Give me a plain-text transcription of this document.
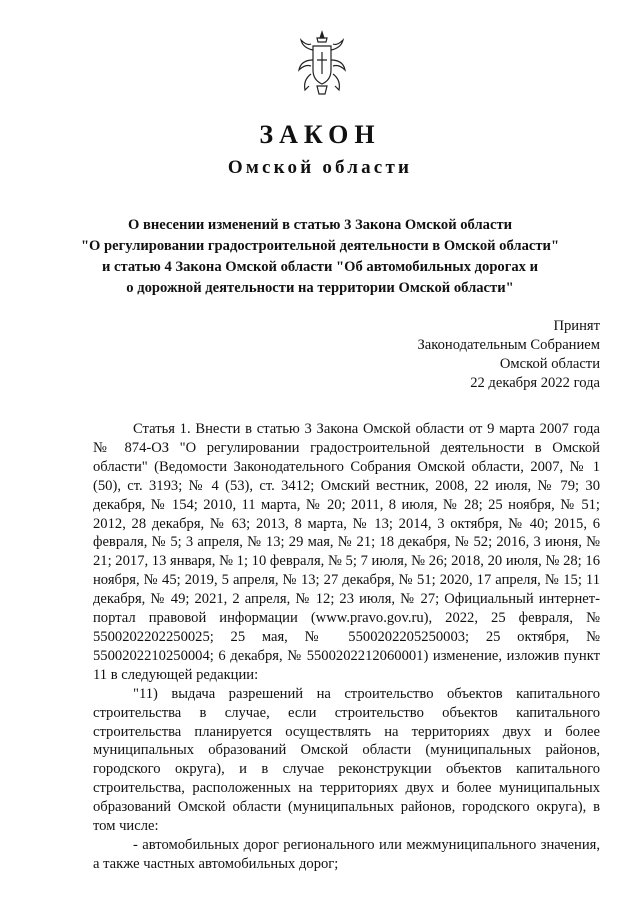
ЗАКОН
Омской области
О внесении изменений в статью 3 Закона Омской области
"О регулировании градостроительной деятельности в Омской области"
и статью 4 Закона Омской области "Об автомобильных дорогах и
о дорожной деятельности на территории Омской области"
Принят
Законодательным Собранием
Омской области
22 декабря 2022 года

Статья 1. Внести в статью 3 Закона Омской области от 9 марта 2007 года № 874-ОЗ "О регулировании градостроительной деятельности в Омской области" (Ведомости Законодательного Собрания Омской области, 2007, № 1 (50), ст. 3193; № 4 (53), ст. 3412; Омский вестник, 2008, 22 июля, № 79; 30 декабря, № 154; 2010, 11 марта, № 20; 2011, 8 июля, № 28; 25 ноября, № 51; 2012, 28 декабря, № 63; 2013, 8 марта, № 13; 2014, 3 октября, № 40; 2015, 6 февраля, № 5; 3 апреля, № 13; 29 мая, № 21; 18 декабря, № 52; 2016, 3 июня, № 21; 2017, 13 января, № 1; 10 февраля, № 5; 7 июля, № 26; 2018, 20 июля, № 28; 16 ноября, № 45; 2019, 5 апреля, № 13; 27 декабря, № 51; 2020, 17 апреля, № 15; 11 декабря, № 49; 2021, 2 апреля, № 12; 23 июля, № 27; Официальный интернет-портал правовой информации (www.pravo.gov.ru), 2022, 25 февраля, № 5500202202250025; 25 мая, № 5500202205250003; 25 октября, № 5500202210250004; 6 декабря, № 5500202212060001) изменение, изложив пункт 11 в следующей редакции:

"11) выдача разрешений на строительство объектов капитального строительства в случае, если строительство объектов капитального строительства планируется осуществлять на территориях двух и более муниципальных образований Омской области (муниципальных районов, городского округа), и в случае реконструкции объектов капитального строительства, расположенных на территориях двух и более муниципальных образований Омской области (муниципальных районов, городского округа), в том числе:

- автомобильных дорог регионального или межмуниципального значения, а также частных автомобильных дорог;
